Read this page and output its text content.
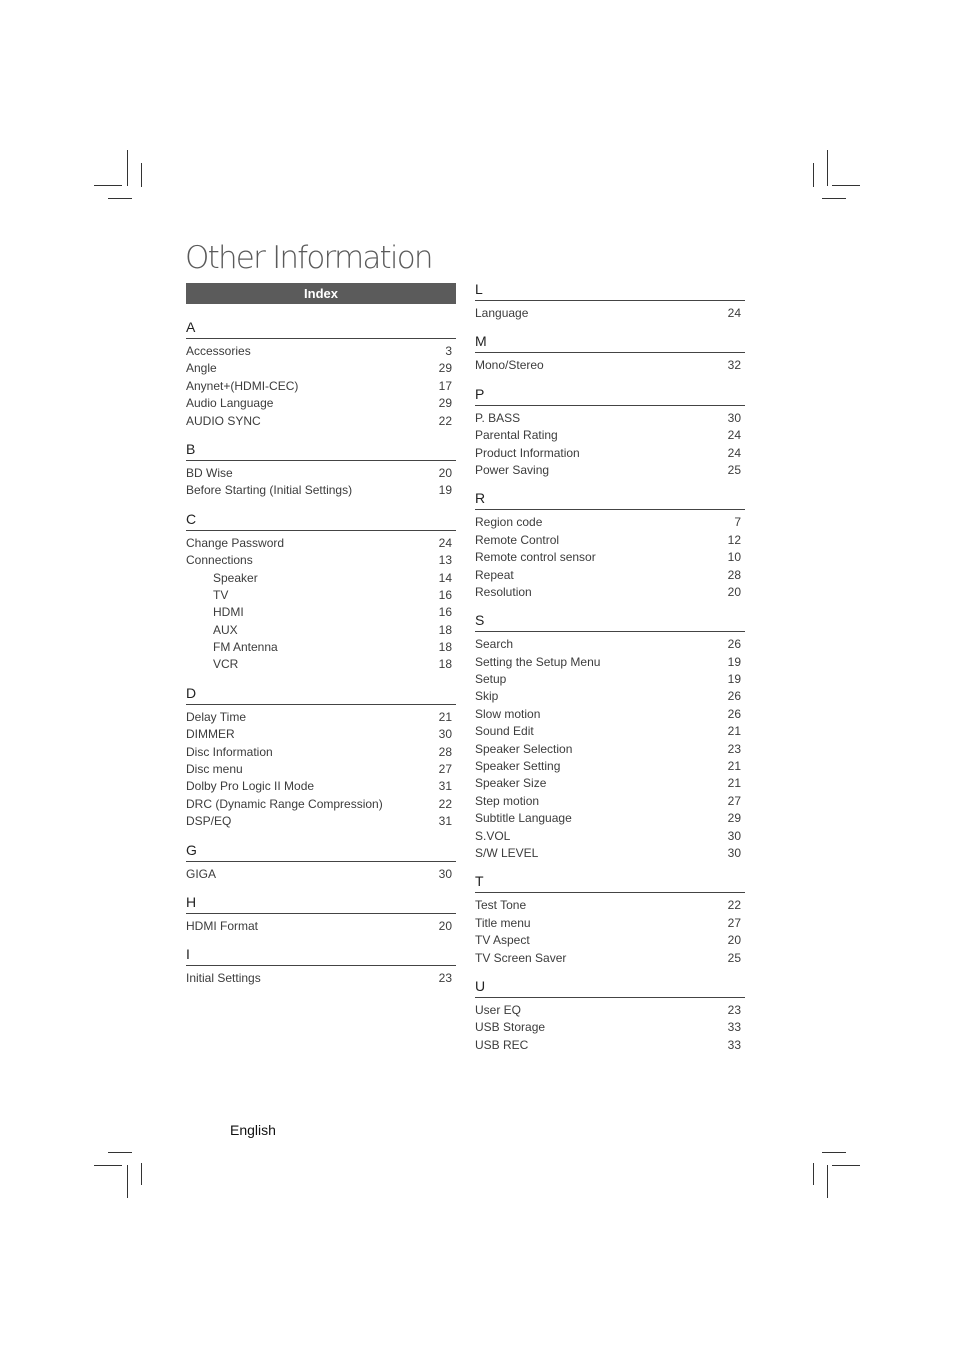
Other Information
Index
A
Accessories	3
Angle	29
Anynet+(HDMI-CEC)	17
Audio Language	29
AUDIO SYNC	22
B
BD Wise	20
Before Starting (Initial Settings)	19
C
Change Password	24
Connections	13
Speaker	14
TV	16
HDMI	16
AUX	18
FM Antenna	18
VCR	18
D
Delay Time	21
DIMMER	30
Disc Information	28
Disc menu	27
Dolby Pro Logic II Mode	31
DRC (Dynamic Range Compression)	22
DSP/EQ	31
G
GIGA	30
H
HDMI Format	20
I
Initial Settings	23
L
Language	24
M
Mono/Stereo	32
P
P. BASS	30
Parental Rating	24
Product Information	24
Power Saving	25
R
Region code	7
Remote Control	12
Remote control sensor	10
Repeat	28
Resolution	20
S
Search	26
Setting the Setup Menu	19
Setup	19
Skip	26
Slow motion	26
Sound Edit	21
Speaker Selection	23
Speaker Setting	21
Speaker Size	21
Step motion	27
Subtitle Language	29
S.VOL	30
S/W LEVEL	30
T
Test Tone	22
Title menu	27
TV Aspect	20
TV Screen Saver	25
U
User EQ	23
USB Storage	33
USB REC	33
English
